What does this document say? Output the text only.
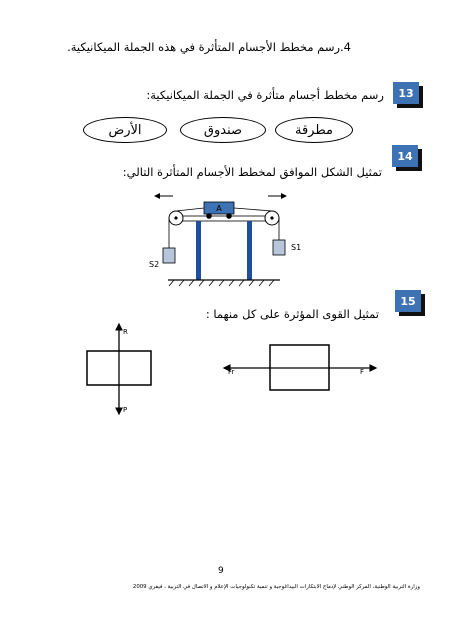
4.رسم مخطط الأجسام المتأثرة في هذه الجملة الميكانيكية.
13
رسم مخطط أجسام متأثرة في الجملة الميكانيكية:
مطرقة
صندوق
الأرض
14
تمثيل الشكل الموافق لمخطط الأجسام المتأثرة التالي:
A
S2
S1
15
تمثيل القوى المؤثرة على كل منهما :
R
P
Fr	F
9
وزارة التربية الوطنية، المركز الوطني لإدماج الابتكارات البيداغوجية و تنمية تكنولوجيات الإعلام و الاتصال في التربية ، فيفري 2009
